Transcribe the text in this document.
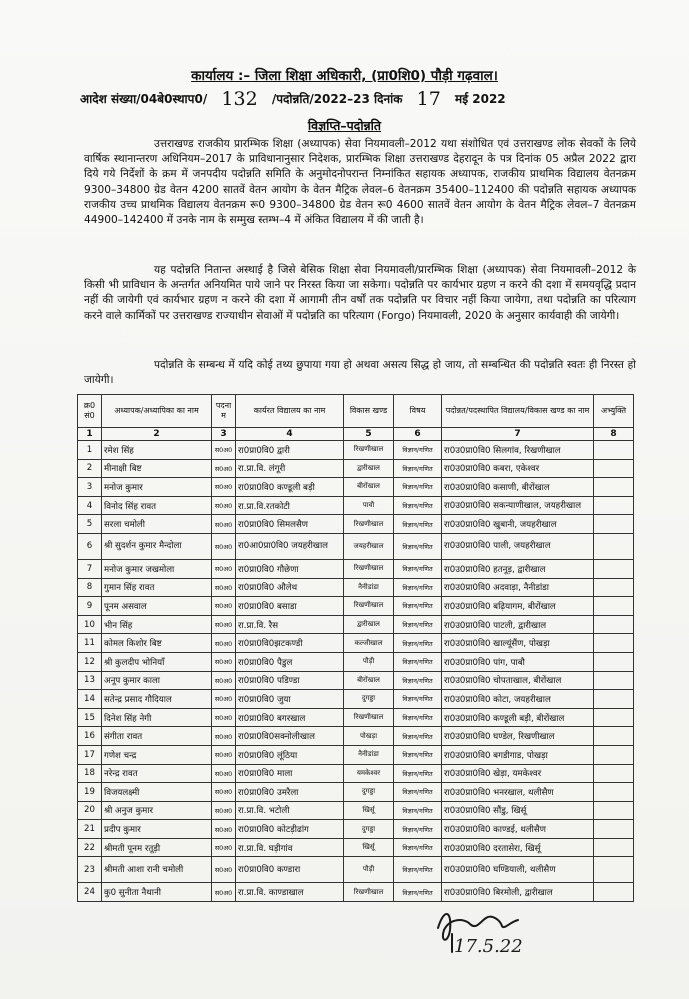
कार्यालय :– जिला शिक्षा अधिकारी, (प्रा0शि0) पौड़ी गढ़वाल।
आदेश संख्या/04बे0स्थाप0/ 132 /पदोन्नति/2022–23 दिनांक 17 मई 2022
विज्ञप्ति–पदोन्नति
उत्तराखण्ड राजकीय प्रारम्भिक शिक्षा (अध्यापक) सेवा नियमावली–2012 यथा संशोधित एवं उत्तराखण्ड लोक सेवकों के लिये वार्षिक स्थानान्तरण अधिनियम–2017 के प्राविधानानुसार निदेशक, प्रारम्भिक शिक्षा उत्तराखण्ड देहरादून के पत्र दिनांक 05 अप्रैल 2022 द्वारा दिये गये निर्देशों के क्रम में जनपदीय पदोन्नति समिति के अनुमोदनोपरान्त निम्नांकित सहायक अध्यापक, राजकीय प्राथमिक विद्यालय वेतनक्रम 9300–34800 ग्रेड वेतन 4200 सातवें वेतन आयोग के वेतन मैट्रिक लेवल–6 वेतनक्रम 35400–112400 की पदोन्नति सहायक अध्यापक राजकीय उच्च प्राथमिक विद्यालय वेतनक्रम रू0 9300–34800 ग्रेड वेतन रू0 4600 सातवें वेतन आयोग के वेतन मैट्रिक लेवल–7 वेतनक्रम 44900–142400 में उनके नाम के सम्मुख स्तम्भ–4 में अंकित विद्यालय में की जाती है।
यह पदोन्नति नितान्त अस्थाई है जिसे बेसिक शिक्षा सेवा नियमावली/प्रारम्भिक शिक्षा (अध्यापक) सेवा नियमावली–2012 के किसी भी प्राविधान के अन्तर्गत अनियमित पाये जाने पर निरस्त किया जा सकेगा। पदोन्नति पर कार्यभार ग्रहण न करने की दशा में समयवृद्धि प्रदान नहीं की जायेगी एवं कार्यभार ग्रहण न करने की दशा में आगामी तीन वर्षों तक पदोन्नति पर विचार नहीं किया जायेगा, तथा पदोन्नति का परित्याग करने वाले कार्मिकों पर उत्तराखण्ड राज्याधीन सेवाओं में पदोन्नति का परित्याग (Forgo) नियमावली, 2020 के अनुसार कार्यवाही की जायेगी।
पदोन्नति के सम्बन्ध में यदि कोई तथ्य छुपाया गया हो अथवा असत्य सिद्ध हो जाय, तो सम्बन्धित की पदोन्नति स्वतः ही निरस्त हो जायेगी।
क्र0 सं0	अध्यापक/अध्यापिका का नाम	पदना म	कार्यरत विद्यालय का नाम	विकास खण्ड	विषय	पदोन्नत/पदस्थापित विद्यालय/विकास खण्ड का नाम	अभ्युक्ति
1	2	3	4	5	6	7	8
1	रमेश सिंह	स0अ0	रा0प्रा0वि0 द्वारी	रिखणीखाल	विज्ञान/गणित	रा0उ0प्रा0वि0 सिलगांव, रिखणीखाल	
2	मीनाक्षी बिष्ट	स0अ0	रा.प्रा.वि. लंगूरी	द्वारीखाल	विज्ञान/गणित	रा0उ0प्रा0वि0 कबरा, एकेश्वर	
3	मनोज कुमार	स0अ0	रा0प्रा0वि0 कण्डूली बड़ी	बीरोंखाल	विज्ञान/गणित	रा0उ0प्रा0वि0 कसाणी, बीरोंखाल	
4	विनोद सिंह रावत	स0अ0	रा.प्रा.वि.रतकोटी	पावौ	विज्ञान/गणित	रा0उ0प्रा0वि0 सकन्याणीखाल, जयहरीखाल	
5	सरला चमोली	स0अ0	रा0प्रा0वि0 सिमलसैण	रिखणीखाल	विज्ञान/गणित	रा0उ0प्रा0वि0 खुबानी, जयहरीखाल	
6	श्री सुदर्शन कुमार मैन्दोला	स0अ0	रा0आ0प्रा0वि0 जयहरीखाल	जयहरीखाल	विज्ञान/गणित	रा0उ0प्रा0वि0 पाली, जयहरीखाल	
7	मनोज कुमार जखमोला	स0अ0	रा0प्रा0वि0 गौछेणा	रिखणीखाल	विज्ञान/गणित	रा0उ0प्रा0वि0 हतनूड़, द्वारीखाल	
8	गुमान सिंह रावत	स0अ0	रा0प्रा0वि0 औलेथ	नैनीडांडा	विज्ञान/गणित	रा0उ0प्रा0वि0 अदवाड़ा, नैनीडांडा	
9	पूनम असवाल	स0अ0	रा0प्रा0वि0 बसाडा	रिखणीखाल	विज्ञान/गणित	रा0उ0प्रा0वि0 बढ़ियागम, बीरोंखाल	
10	भीन सिंह	स0अ0	रा.प्रा.वि. रैस	द्वारीखाल	विज्ञान/गणित	रा0उ0प्रा0वि0 पाटली, द्वारीखाल	
11	कोमल किशोर बिष्ट	स0अ0	रा0प्रा0वि0झटकण्डी	कल्जीखाल	विज्ञान/गणित	रा0उ0प्रा0वि0 खाल्यूंसैंण, पोखड़ा	
12	श्री कुलदीप भोनियाँ	स0अ0	रा0प्रा0वि0 पैडुल	पौड़ी	विज्ञान/गणित	रा0उ0प्रा0वि0 पांग, पाबौ	
13	अनूप कुमार काला	स0अ0	रा0प्रा0वि0 पडिण्डा	बीरोंखाल	विज्ञान/गणित	रा0उ0प्रा0वि0 चोपताखाल, बीरोंखाल	
14	सतेन्द्र प्रसाद गौदियाल	स0अ0	रा0प्रा0वि0 जुया	दुगड्डा	विज्ञान/गणित	रा0उ0प्रा0वि0 कोटा, जयहरीखाल	
15	दिनेश सिंह नेगी	स0अ0	रा0प्रा0वि0 बगरखाल	रिखणीखाल	विज्ञान/गणित	रा0उ0प्रा0वि0 कण्डूली बड़ी, बीरोंखाल	
16	संगीता रावत	स0अ0	रा0प्रा0वि0सक्नोलीखाल	पोखड़ा	विज्ञान/गणित	रा0उ0प्रा0वि0 घण्डेल, रिखणीखाल	
17	गणेश चन्द्र	स0अ0	रा0प्रा0वि0 लूंठिया	नैनीडांडा	विज्ञान/गणित	रा0उ0प्रा0वि0 बगडीगाड, पोखड़ा	
18	नरेन्द्र रावत	स0अ0	रा0प्रा0वि0 माला	यमकेश्वर	विज्ञान/गणित	रा0उ0प्रा0वि0 खेड़ा, यमकेश्वर	
19	विजयलक्ष्मी	स0अ0	रा0प्रा0वि0 उमरैला	दुगड्डा	विज्ञान/गणित	रा0उ0प्रा0वि0 भनरखाल, थलीसैण	
20	श्री अनुज कुमार	स0अ0	रा.प्रा.वि. भटोली	खिर्सू	विज्ञान/गणित	रा0उ0प्रा0वि0 सौंडु, खिर्सू	
21	प्रदीप कुमार	स0अ0	रा0प्रा0वि0 कोटड़ीढांग	दुगड्डा	विज्ञान/गणित	रा0उ0प्रा0वि0 काण्डई, थलीसैण	
22	श्रीमती पूनम रतूड़ी	स0अ0	रा.प्रा.वि. घड़ीगांव	खिर्सू	विज्ञान/गणित	रा0उ0प्रा0वि0 दरतासेरा, खिर्सू	
23	श्रीमती आशा रानी चमोली	स0अ0	रा0प्रा0वि0 कण्डारा	पौड़ी	विज्ञान/गणित	रा0उ0प्रा0वि0 घण्डियाली, थलीसैण	
24	कु0 सुनीता नैथानी	स0अ0	रा.प्रा.वि. काण्डाखाल	रिखणीखाल	विज्ञान/गणित	रा0उ0प्रा0वि0 बिरमोली, द्वारीखाल	
17.5.22
